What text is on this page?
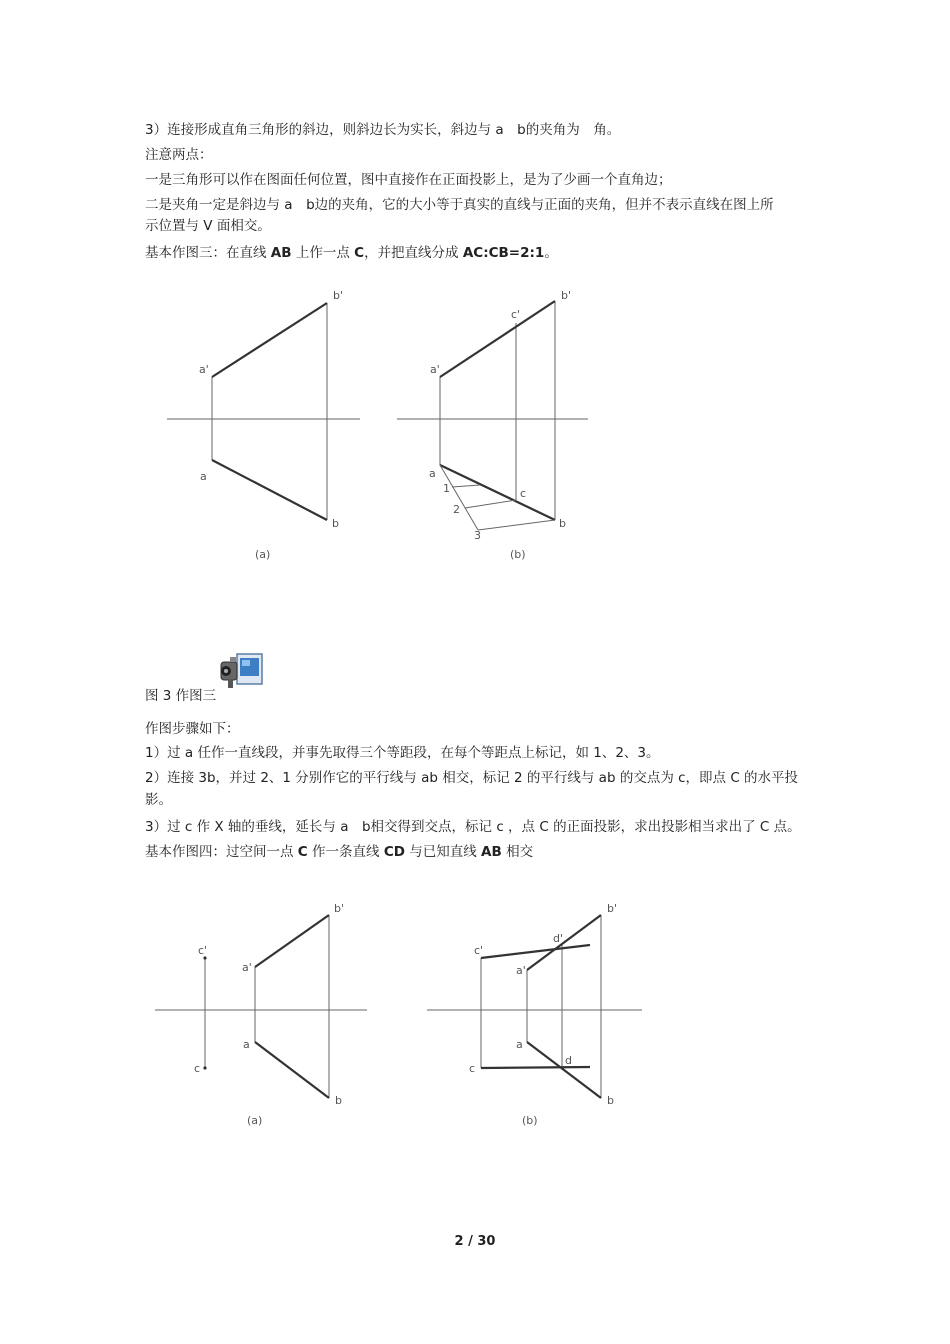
3）连接形成直角三角形的斜边，则斜边长为实长，斜边与 a　b的夹角为　角。
注意两点：
一是三角形可以作在图面任何位置，图中直接作在正面投影上，是为了少画一个直角边；
二是夹角一定是斜边与 a　b边的夹角，它的大小等于真实的直线与正面的夹角，但并不表示直线在图上所
示位置与 V 面相交。
基本作图三：在直线 AB 上作一点 C，并把直线分成 AC:CB=2:1。
a'
b'
a
b
(a)
a'
b'
c'
a
b
c
1
2
3
(b)
图 3 作图三
作图步骤如下：
1）过 a 任作一直线段，并事先取得三个等距段，在每个等距点上标记，如 1、2、3。
2）连接 3b，并过 2、1 分别作它的平行线与 ab 相交，标记 2 的平行线与 ab 的交点为 c，即点 C 的水平投
影。
3）过 c 作 X 轴的垂线，延长与 a　b相交得到交点，标记 c ，点 C 的正面投影，求出投影相当求出了 C 点。
基本作图四：过空间一点 C 作一条直线 CD 与已知直线 AB 相交
c'
a'
b'
a
b
c
(a)
c'
d'
a'
b'
a
b
c
d
(b)
2 / 30
